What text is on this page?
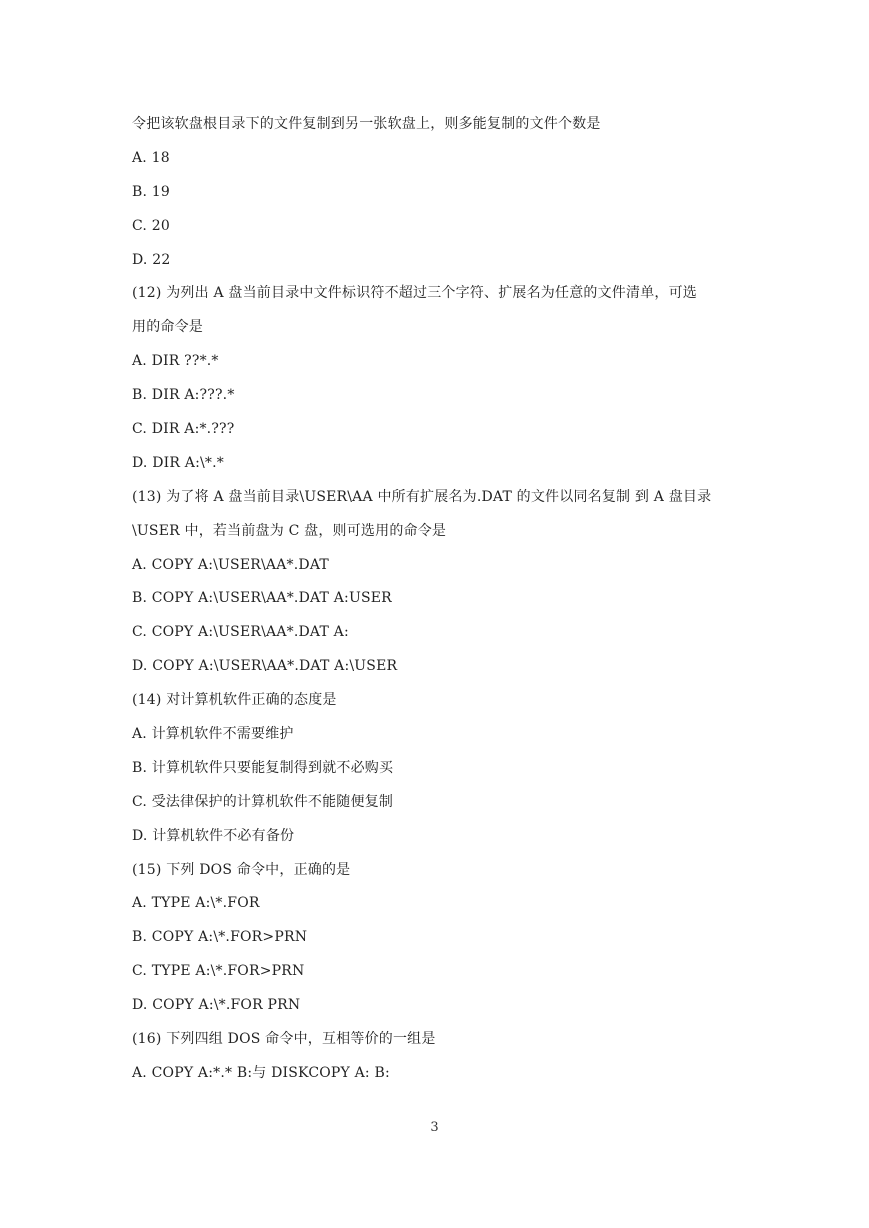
令把该软盘根目录下的文件复制到另一张软盘上，则多能复制的文件个数是
A. 18
B. 19
C. 20
D. 22
(12) 为列出 A 盘当前目录中文件标识符不超过三个字符、扩展名为任意的文件清单，可选
用的命令是
A. DIR ??*.*
B. DIR A:???.*
C. DIR A:*.???
D. DIR A:\*.*
(13) 为了将 A 盘当前目录\USER\AA 中所有扩展名为.DAT 的文件以同名复制 到 A 盘目录
\USER 中，若当前盘为 C 盘，则可选用的命令是
A. COPY A:\USER\AA*.DAT
B. COPY A:\USER\AA*.DAT A:USER
C. COPY A:\USER\AA*.DAT A:
D. COPY A:\USER\AA*.DAT A:\USER
(14) 对计算机软件正确的态度是
A. 计算机软件不需要维护
B. 计算机软件只要能复制得到就不必购买
C. 受法律保护的计算机软件不能随便复制
D. 计算机软件不必有备份
(15) 下列 DOS 命令中，正确的是
A. TYPE A:\*.FOR
B. COPY A:\*.FOR>PRN
C. TYPE A:\*.FOR>PRN
D. COPY A:\*.FOR PRN
(16) 下列四组 DOS 命令中，互相等价的一组是
A. COPY A:*.* B:与 DISKCOPY A: B:
3
